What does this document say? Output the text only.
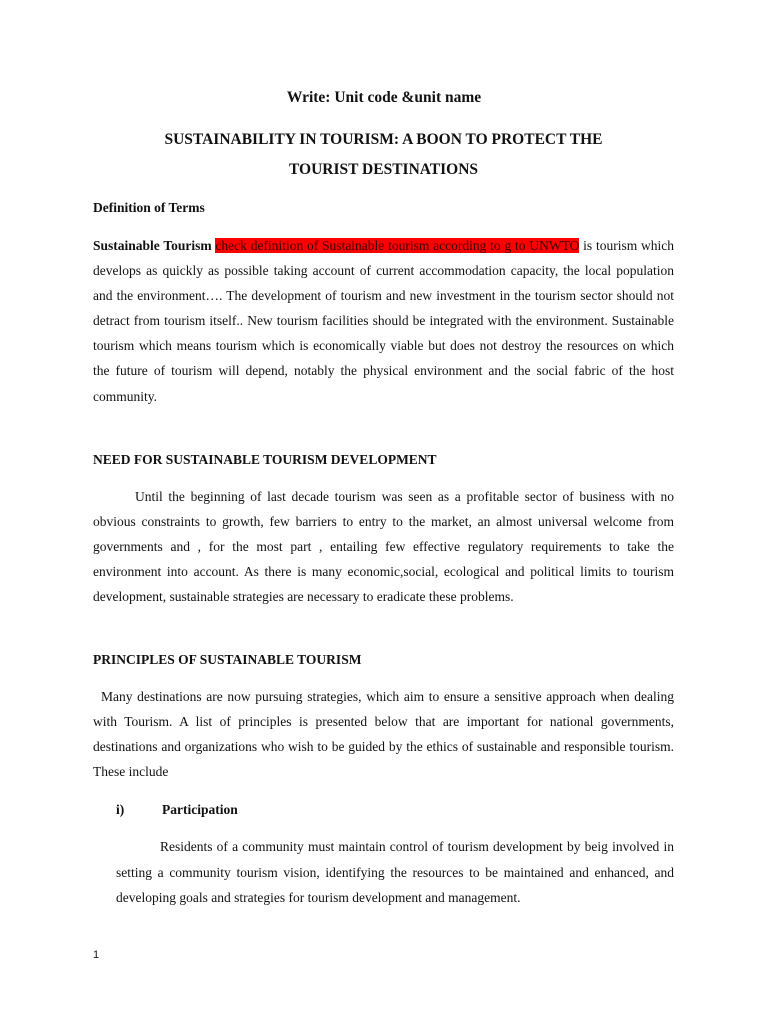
Write: Unit code &unit name
SUSTAINABILITY IN TOURISM: A BOON TO PROTECT THE
TOURIST DESTINATIONS
Definition of Terms
Sustainable Tourism check definition of Sustainable tourism according to g to UNWTO is tourism which develops as quickly as possible taking account of current accommodation capacity, the local population and the environment…. The development of tourism and new investment in the tourism sector should not detract from tourism itself.. New tourism facilities should be integrated with the environment. Sustainable tourism which means tourism which is economically viable but does not destroy the resources on which the future of tourism will depend, notably the physical environment and the social fabric of the host community.
NEED FOR SUSTAINABLE TOURISM DEVELOPMENT
Until the beginning of last decade tourism was seen as a profitable sector of business with no obvious constraints to growth, few barriers to entry to the market, an almost universal welcome from governments and , for the most part , entailing few effective regulatory requirements to take the environment into account. As there is many economic,social, ecological and political limits to tourism development, sustainable strategies are necessary to eradicate these problems.
PRINCIPLES OF SUSTAINABLE TOURISM
Many destinations are now pursuing strategies, which aim to ensure a sensitive approach when dealing with Tourism. A list of principles is presented below that are important for national governments, destinations and organizations who wish to be guided by the ethics of sustainable and responsible tourism. These include
i)	Participation
Residents of a community must maintain control of tourism development by beig involved in setting a community tourism vision, identifying the resources to be maintained and enhanced, and developing goals and strategies for tourism development and management.
1
